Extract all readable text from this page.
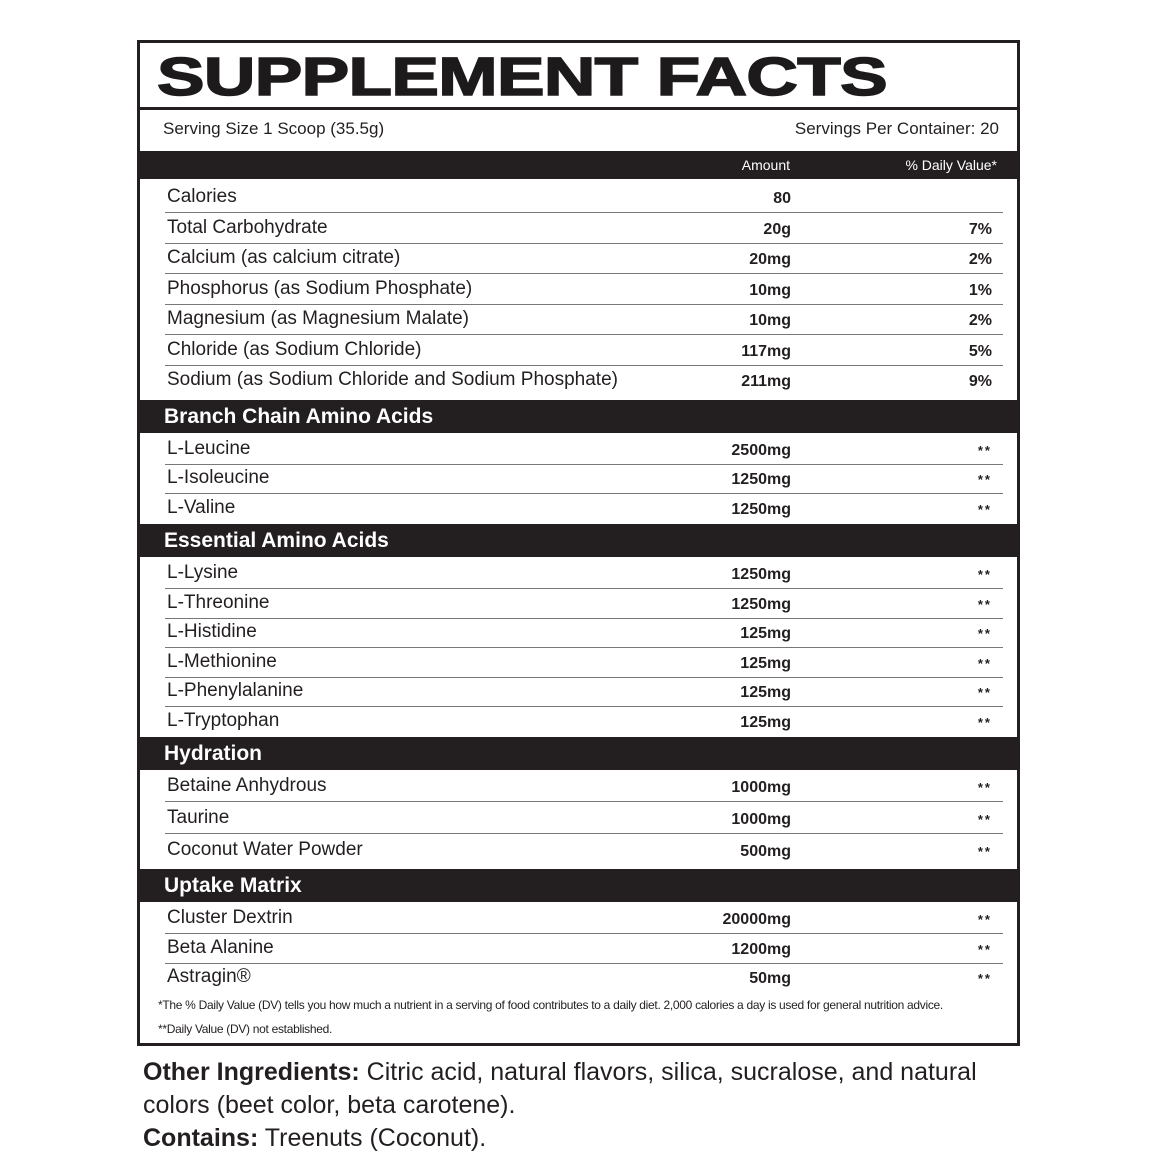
SUPPLEMENT FACTS
Serving Size 1 Scoop (35.5g)	Servings Per Container: 20
Amount	% Daily Value*
Calories	80
Total Carbohydrate	20g	7%
Calcium (as calcium citrate)	20mg	2%
Phosphorus (as Sodium Phosphate)	10mg	1%
Magnesium (as Magnesium Malate)	10mg	2%
Chloride (as Sodium Chloride)	117mg	5%
Sodium (as Sodium Chloride and Sodium Phosphate)	211mg	9%
Branch Chain Amino Acids
L-Leucine	2500mg	**
L-Isoleucine	1250mg	**
L-Valine	1250mg	**
Essential Amino Acids
L-Lysine	1250mg	**
L-Threonine	1250mg	**
L-Histidine	125mg	**
L-Methionine	125mg	**
L-Phenylalanine	125mg	**
L-Tryptophan	125mg	**
Hydration
Betaine Anhydrous	1000mg	**
Taurine	1000mg	**
Coconut Water Powder	500mg	**
Uptake Matrix
Cluster Dextrin	20000mg	**
Beta Alanine	1200mg	**
Astragin®	50mg	**
*The % Daily Value (DV) tells you how much a nutrient in a serving of food contributes to a daily diet. 2,000 calories a day is used for general nutrition advice.
**Daily Value (DV) not established.
Other Ingredients: Citric acid, natural flavors, silica, sucralose, and natural colors (beet color, beta carotene).
Contains: Treenuts (Coconut).
